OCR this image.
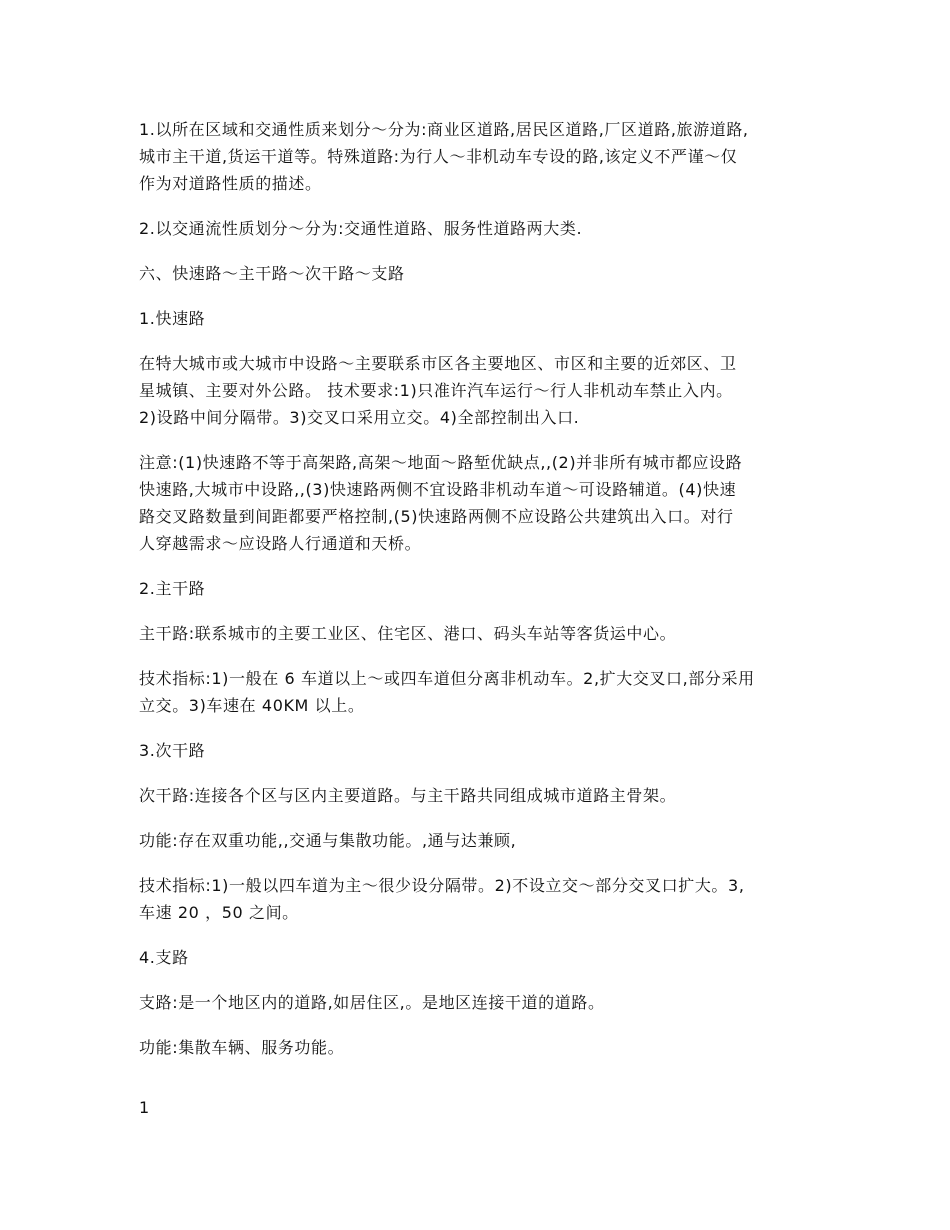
1.以所在区域和交通性质来划分～分为:商业区道路,居民区道路,厂区道路,旅游道路,
城市主干道,货运干道等。特殊道路:为行人～非机动车专设的路,该定义不严谨～仅
作为对道路性质的描述。
2.以交通流性质划分～分为:交通性道路、服务性道路两大类.
六、快速路～主干路～次干路～支路
1.快速路
在特大城市或大城市中设路～主要联系市区各主要地区、市区和主要的近郊区、卫
星城镇、主要对外公路。 技术要求:1)只准许汽车运行～行人非机动车禁止入内。
2)设路中间分隔带。3)交叉口采用立交。4)全部控制出入口.
注意:(1)快速路不等于高架路,高架～地面～路堑优缺点,,(2)并非所有城市都应设路
快速路,大城市中设路,,(3)快速路两侧不宜设路非机动车道～可设路辅道。(4)快速
路交叉路数量到间距都要严格控制,(5)快速路两侧不应设路公共建筑出入口。对行
人穿越需求～应设路人行通道和天桥。
2.主干路
主干路:联系城市的主要工业区、住宅区、港口、码头车站等客货运中心。
技术指标:1)一般在 6 车道以上～或四车道但分离非机动车。2,扩大交叉口,部分采用
立交。3)车速在 40KM 以上。
3.次干路
次干路:连接各个区与区内主要道路。与主干路共同组成城市道路主骨架。
功能:存在双重功能,,交通与集散功能。,通与达兼顾,
技术指标:1)一般以四车道为主～很少设分隔带。2)不设立交～部分交叉口扩大。3,
车速 20 ，50 之间。
4.支路
支路:是一个地区内的道路,如居住区,。是地区连接干道的道路。
功能:集散车辆、服务功能。
1
